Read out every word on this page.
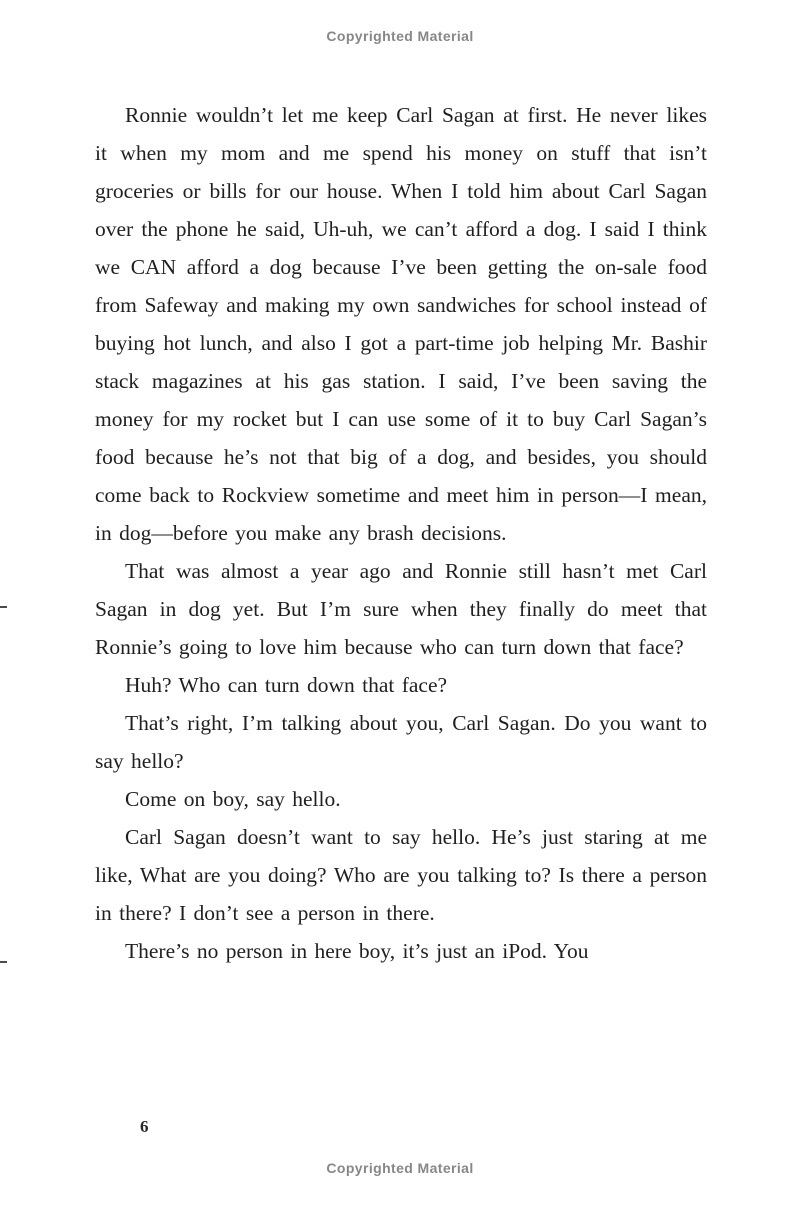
Copyrighted Material

Ronnie wouldn’t let me keep Carl Sagan at first. He never likes it when my mom and me spend his money on stuff that isn’t groceries or bills for our house. When I told him about Carl Sagan over the phone he said, Uh-uh, we can’t afford a dog. I said I think we CAN afford a dog because I’ve been getting the on-sale food from Safeway and making my own sandwiches for school instead of buying hot lunch, and also I got a part-time job helping Mr. Bashir stack magazines at his gas station. I said, I’ve been saving the money for my rocket but I can use some of it to buy Carl Sagan’s food because he’s not that big of a dog, and besides, you should come back to Rockview sometime and meet him in person—I mean, in dog—before you make any brash decisions.

That was almost a year ago and Ronnie still hasn’t met Carl Sagan in dog yet. But I’m sure when they finally do meet that Ronnie’s going to love him because who can turn down that face?

Huh? Who can turn down that face?

That’s right, I’m talking about you, Carl Sagan. Do you want to say hello?

Come on boy, say hello.

Carl Sagan doesn’t want to say hello. He’s just staring at me like, What are you doing? Who are you talking to? Is there a person in there? I don’t see a person in there.

There’s no person in here boy, it’s just an iPod. You

6
Copyrighted Material
